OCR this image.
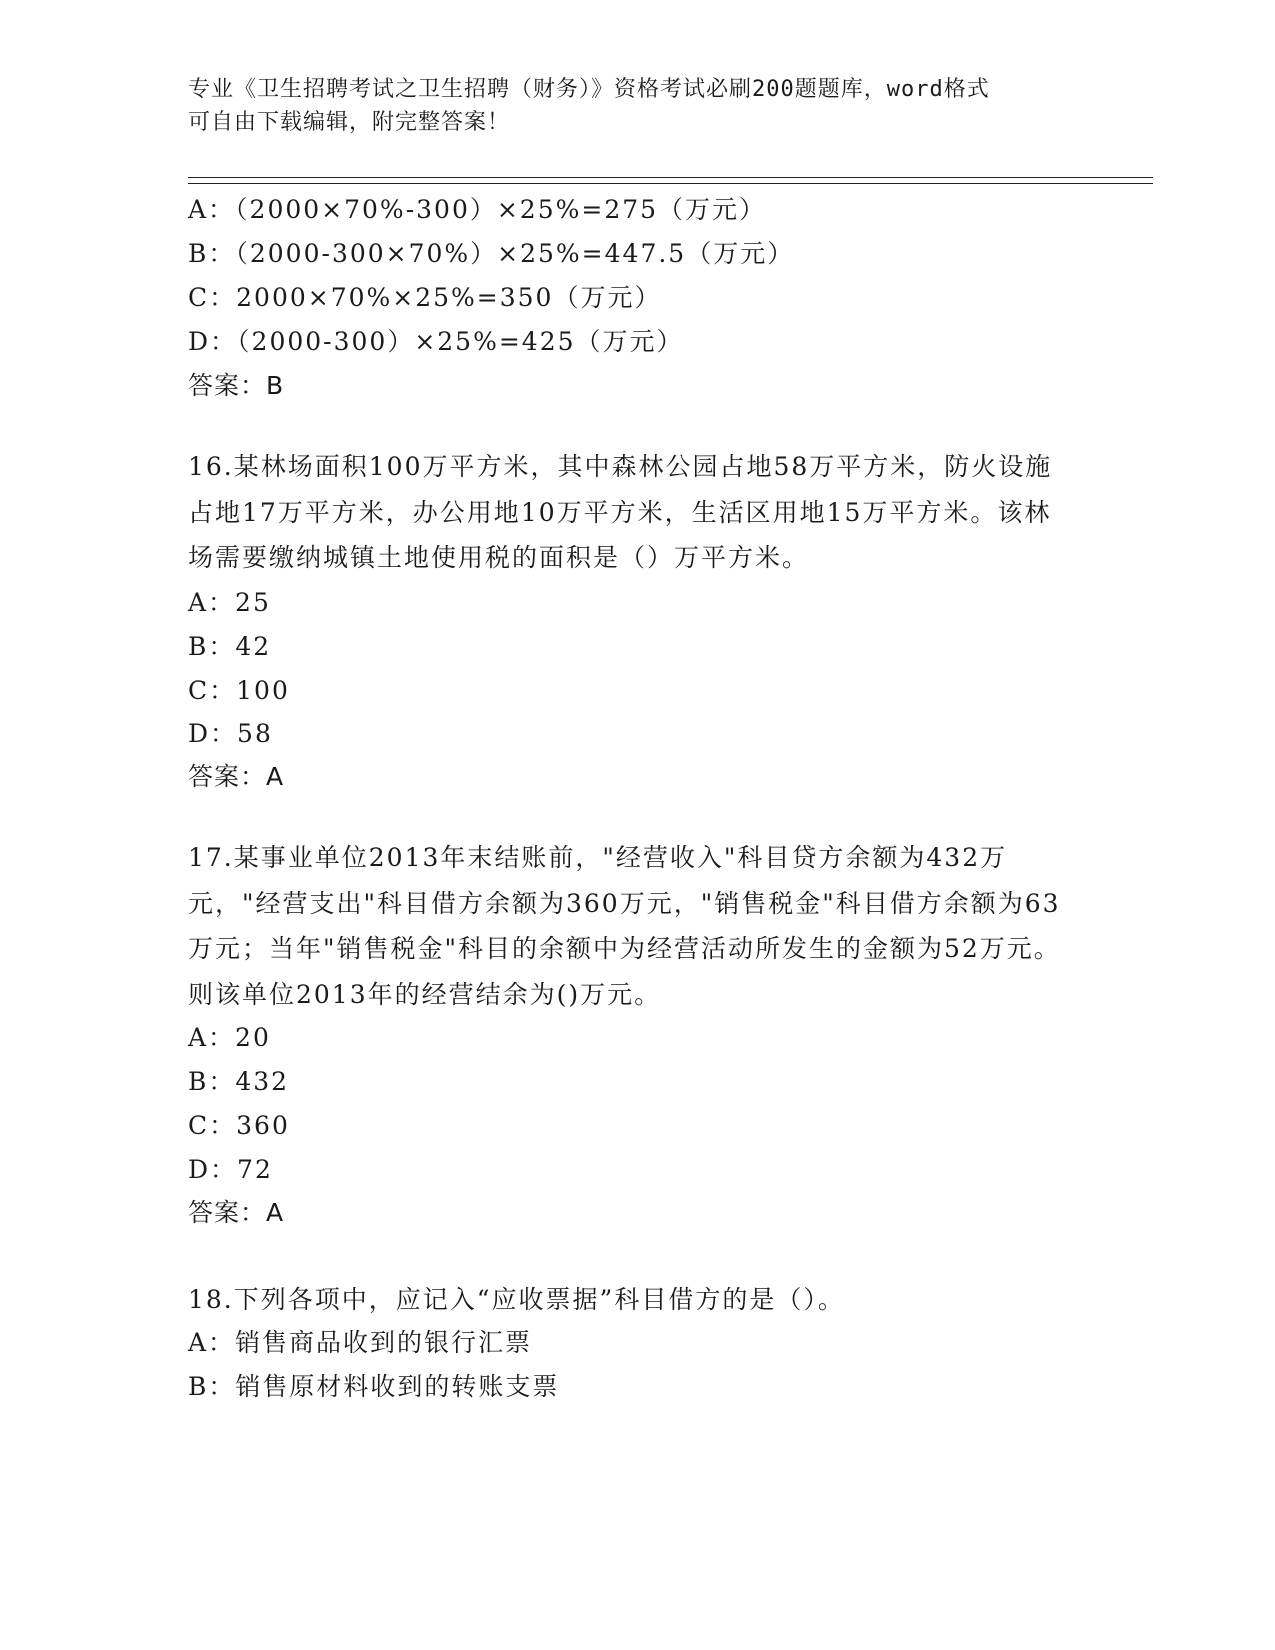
专业《卫生招聘考试之卫生招聘（财务）》资格考试必刷200题题库，word格式
可自由下载编辑，附完整答案！
A：（2000×70%-300）×25%=275（万元）
B：（2000-300×70%）×25%=447.5（万元）
C：2000×70%×25%=350（万元）
D：（2000-300）×25%=425（万元）
答案：B
16.某林场面积100万平方米，其中森林公园占地58万平方米，防火设施占地17万平方米，办公用地10万平方米，生活区用地15万平方米。该林场需要缴纳城镇土地使用税的面积是（）万平方米。
A：25
B：42
C：100
D：58
答案：A
17.某事业单位2013年末结账前，"经营收入"科目贷方余额为432万元，"经营支出"科目借方余额为360万元，"销售税金"科目借方余额为63万元；当年"销售税金"科目的余额中为经营活动所发生的金额为52万元。则该单位2013年的经营结余为()万元。
A：20
B：432
C：360
D：72
答案：A
18.下列各项中，应记入“应收票据”科目借方的是（）。
A：销售商品收到的银行汇票
B：销售原材料收到的转账支票
